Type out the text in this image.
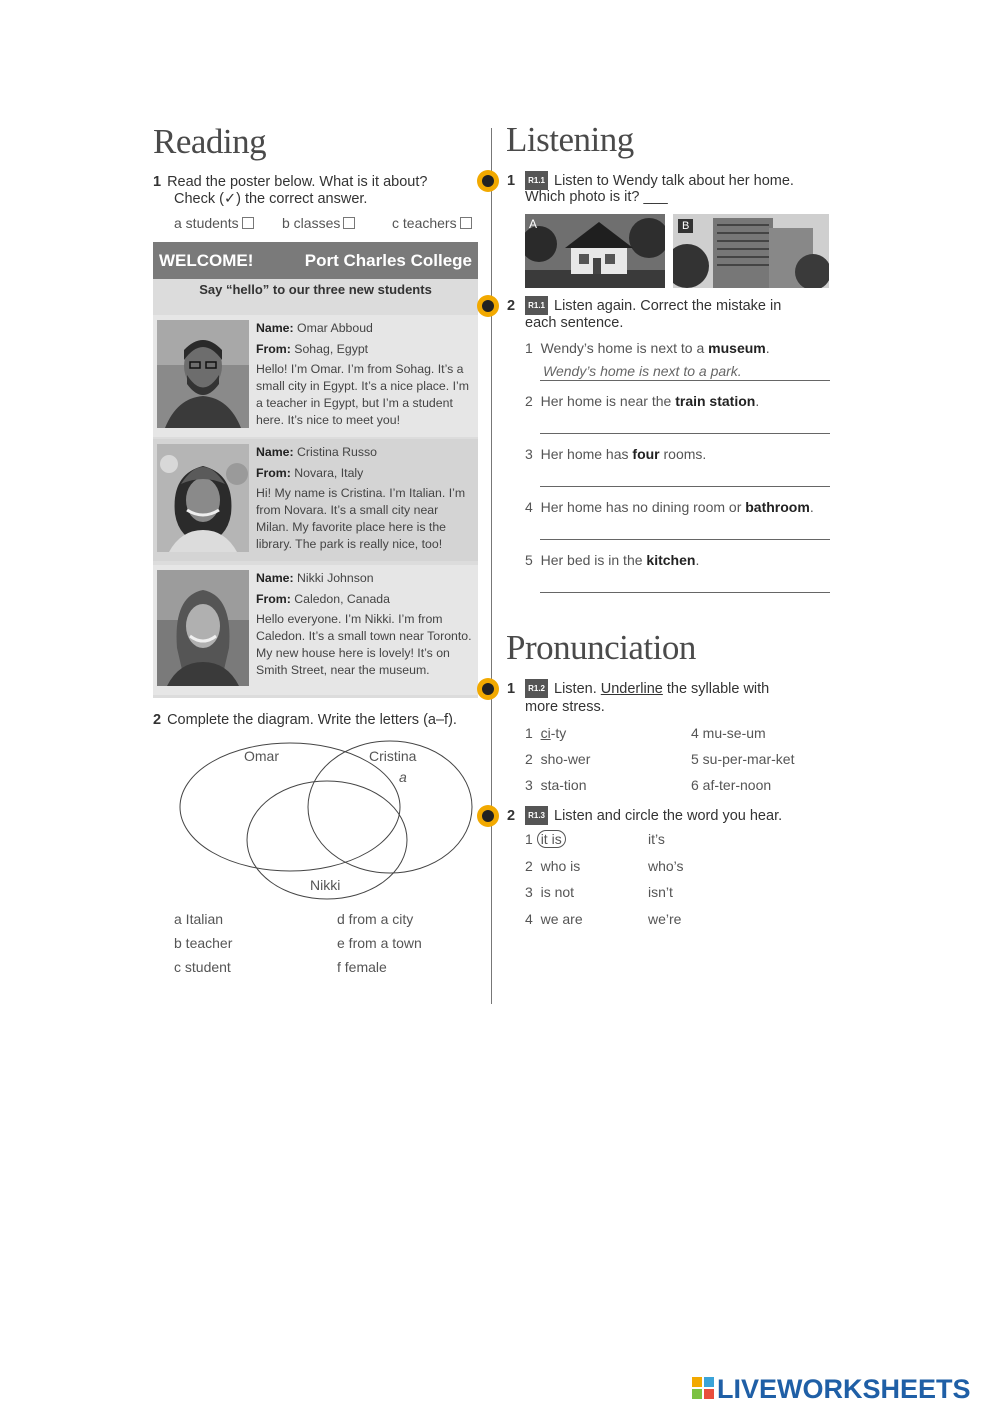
Reading
1 Read the poster below. What is it about?
Check (✓) the correct answer.
a students	b classes	c teachers
WELCOME!	Port Charles College
Say “hello” to our three new students
Name: Omar Abboud
From: Sohag, Egypt

Hello! I’m Omar. I’m from Sohag. It’s a small city in Egypt. It’s a nice place. I’m a teacher in Egypt, but I’m a student here. It’s nice to meet you!

Name: Cristina Russo
From: Novara, Italy

Hi! My name is Cristina. I’m Italian. I’m from Novara. It’s a small city near Milan. My favorite place here is the library. The park is really nice, too!

Name: Nikki Johnson
From: Caledon, Canada

Hello everyone. I’m Nikki. I’m from Caledon. It’s a small town near Toronto. My new house here is lovely! It’s on Smith Street, near the museum.

2 Complete the diagram. Write the letters (a–f).
Omar	Cristina
a
Nikki
a Italian
b teacher
c student
d from a city
e from a town
f female
Listening
1 R1.1 Listen to Wendy talk about her home.
Which photo is it? ___
A	B
2 R1.1 Listen again. Correct the mistake in
each sentence.
1 Wendy’s home is next to a museum.
Wendy’s home is next to a park.
2 Her home is near the train station.
3 Her home has four rooms.
4 Her home has no dining room or bathroom.
5 Her bed is in the kitchen.
Pronunciation
1 R1.2 Listen. Underline the syllable with
more stress.
1 ci-ty
2 sho-wer
3 sta-tion
4 mu-se-um
5 su-per-mar-ket
6 af-ter-noon
2 R1.3 Listen and circle the word you hear.
1 it is	it’s
2 who is	who’s
3 is not	isn’t
4 we are	we’re
LIVEWORKSHEETS
